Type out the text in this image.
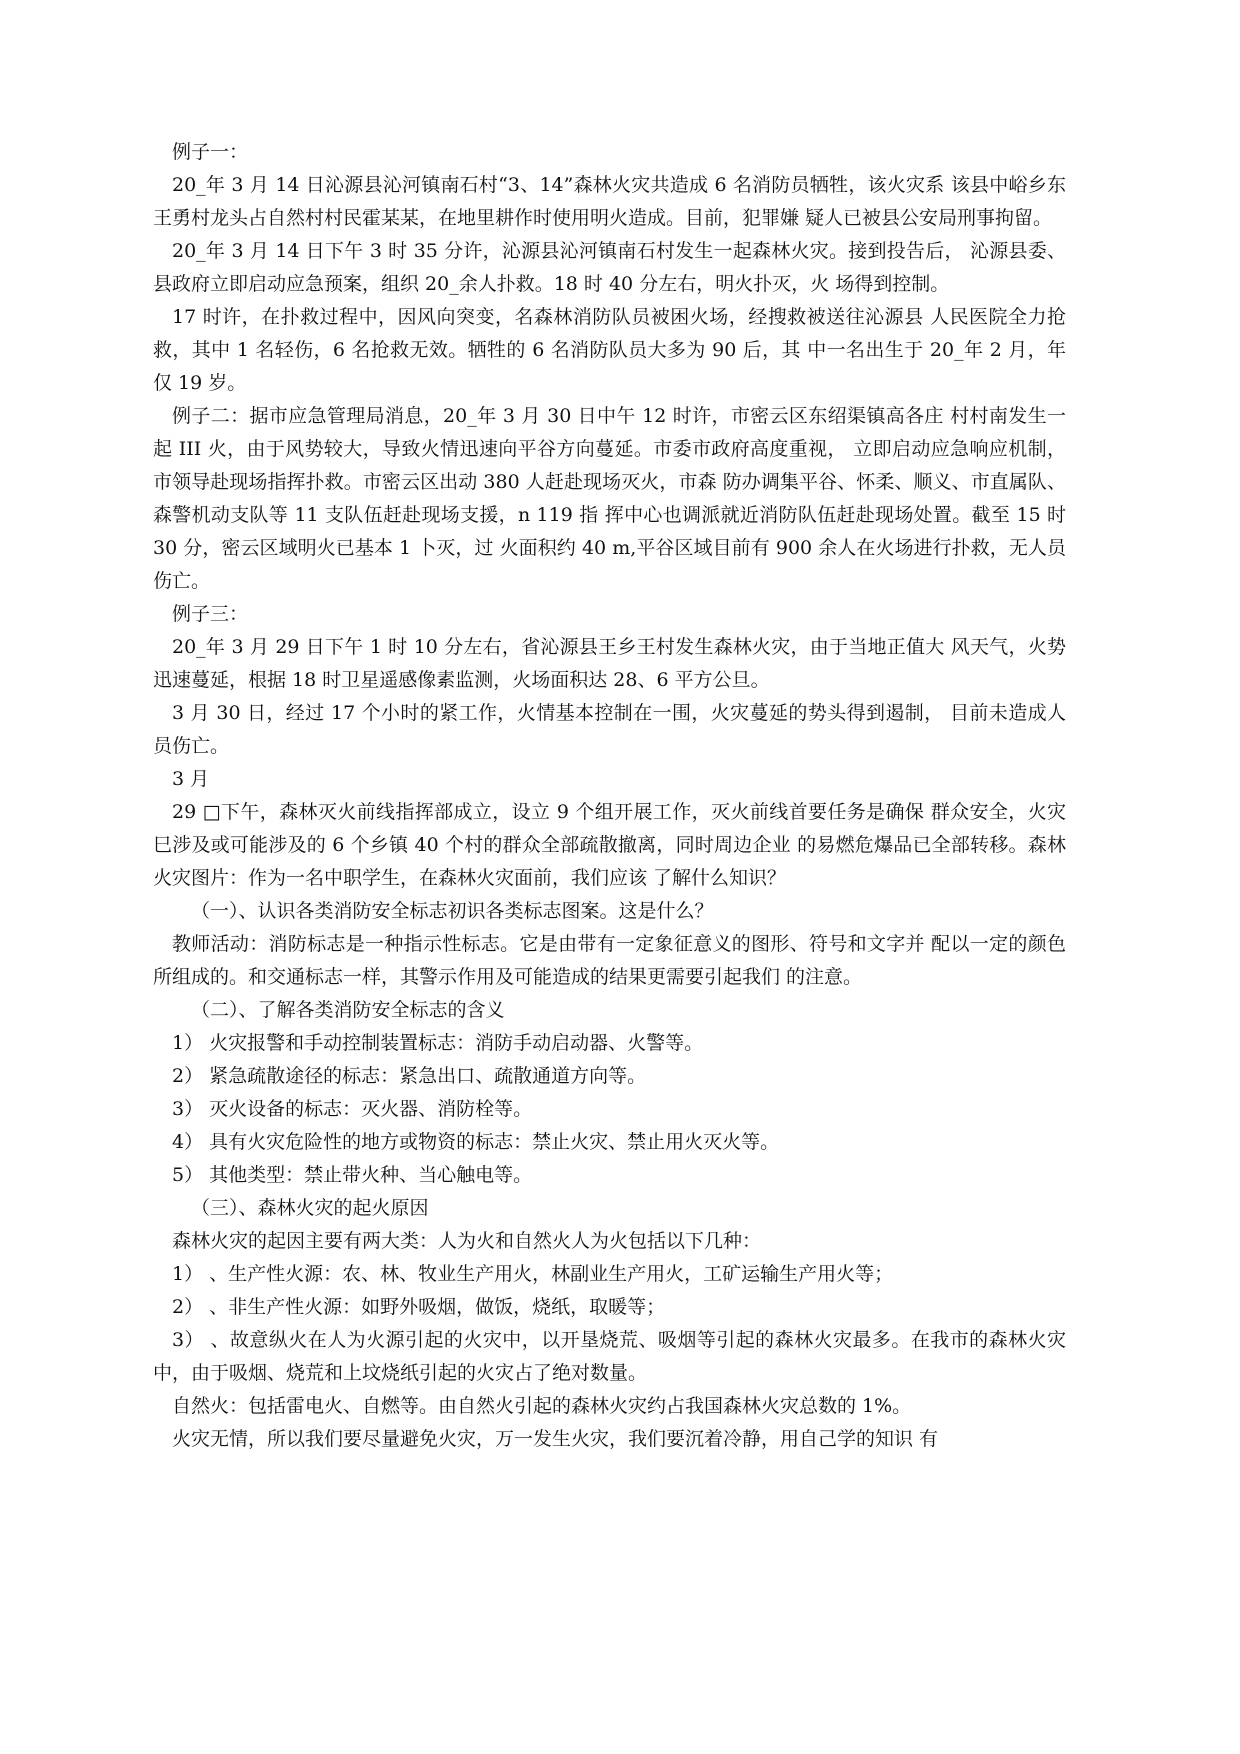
例子一：

20_年 3 月 14 日沁源县沁河镇南石村“3、14”森林火灾共造成 6 名消防员牺牲，该火灾系 该县中峪乡东王勇村龙头占自然村村民霍某某，在地里耕作时使用明火造成。目前，犯罪嫌 疑人已被县公安局刑事拘留。

20_年 3 月 14 日下午 3 时 35 分许，沁源县沁河镇南石村发生一起森林火灾。接到投告后， 沁源县委、县政府立即启动应急预案，组织 20_余人扑救。18 时 40 分左右，明火扑灭，火 场得到控制。

17 时许，在扑救过程中，因风向突变，名森林消防队员被困火场，经搜救被送往沁源县 人民医院全力抢救，其中 1 名轻伤，6 名抢救无效。牺牲的 6 名消防队员大多为 90 后，其 中一名出生于 20_年 2 月，年仅 19 岁。

例子二：据市应急管理局消息，20_年 3 月 30 日中午 12 时许，市密云区东绍渠镇高各庄 村村南发生一起 III 火，由于风势较大，导致火情迅速向平谷方向蔓延。市委市政府高度重视， 立即启动应急响应机制，市领导赴现场指挥扑救。市密云区出动 380 人赶赴现场灭火，市森 防办调集平谷、怀柔、顺义、市直属队、森警机动支队等 11 支队伍赶赴现场支援，n 119 指 挥中心也调派就近消防队伍赶赴现场处置。截至 15 时 30 分，密云区域明火已基本 1 卜灭，过 火面积约 40 m,平谷区域目前有 900 余人在火场进行扑救，无人员伤亡。

例子三：

20_年 3 月 29 日下午 1 时 10 分左右，省沁源县王乡王村发生森林火灾，由于当地正值大 风天气，火势迅速蔓延，根据 18 时卫星遥感像素监测，火场面积达 28、6 平方公旦。

3 月 30 日，经过 17 个小时的紧工作，火情基本控制在一围，火灾蔓延的势头得到遏制， 目前未造成人员伤亡。

3 月

29 □下午，森林灭火前线指挥部成立，设立 9 个组开展工作，灭火前线首要任务是确保 群众安全，火灾巳涉及或可能涉及的 6 个乡镇 40 个村的群众全部疏散撤离，同时周边企业 的易燃危爆品已全部转移。森林火灾图片：作为一名中职学生，在森林火灾面前，我们应该 了解什么知识？

（一）、认识各类消防安全标志初识各类标志图案。这是什么？

教师活动：消防标志是一种指示性标志。它是由带有一定象征意义的图形、符号和文字并 配以一定的颜色所组成的。和交通标志一样，其警示作用及可能造成的结果更需要引起我们 的注意。

（二）、了解各类消防安全标志的含义

1） 火灾报警和手动控制装置标志：消防手动启动器、火警等。

2） 紧急疏散途径的标志：紧急出口、疏散通道方向等。

3） 灭火设备的标志：灭火器、消防栓等。

4） 具有火灾危险性的地方或物资的标志：禁止火灾、禁止用火灭火等。

5） 其他类型：禁止带火种、当心触电等。

（三）、森林火灾的起火原因

森林火灾的起因主要有两大类：人为火和自然火人为火包括以下几种：

1） 、生产性火源：农、林、牧业生产用火，林副业生产用火，工矿运输生产用火等；

2） 、非生产性火源：如野外吸烟，做饭，烧纸，取暖等；

3） 、故意纵火在人为火源引起的火灾中，以开垦烧荒、吸烟等引起的森林火灾最多。在我市的森林火灾中，由于吸烟、烧荒和上坟烧纸引起的火灾占了绝对数量。

自然火：包括雷电火、自燃等。由自然火引起的森林火灾约占我国森林火灾总数的 1%。

火灾无情，所以我们要尽量避免火灾，万一发生火灾，我们要沉着冷静，用自己学的知识 有
